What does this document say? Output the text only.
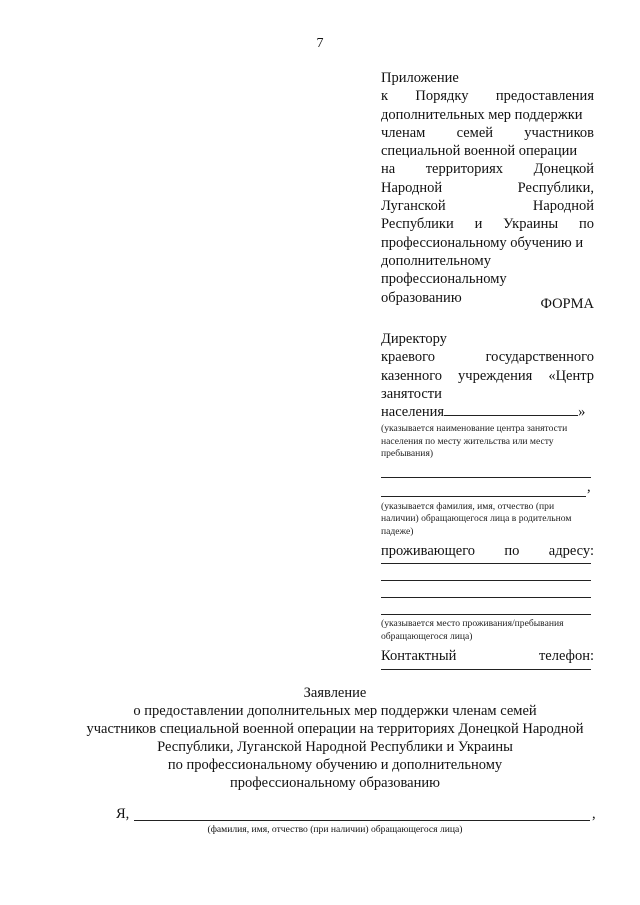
7
Приложение
к Порядку предоставления
дополнительных мер поддержки
членам семей участников
специальной военной операции
на территориях Донецкой
Народной	Республики,
Луганской	Народной
Республики и Украины по
профессиональному обучению и
дополнительному
профессиональному
образованию	ФОРМА
Директору
краевого	государственного
казенного учреждения «Центр
занятости
населения	»
(указывается наименование центра занятости населения по месту жительства или месту пребывания)
,
(указывается фамилия, имя, отчество (при наличии) обращающегося лица в родительном падеже)
проживающего по адресу:
(указывается место проживания/пребывания обращающегося лица)
Контактный	телефон:
Заявление
о предоставлении дополнительных мер поддержки членам семей
участников специальной военной операции на территориях Донецкой Народной
Республики, Луганской Народной Республики и Украины
по профессиональному обучению и дополнительному
профессиональному образованию
Я,	,
(фамилия, имя, отчество (при наличии) обращающегося лица)
